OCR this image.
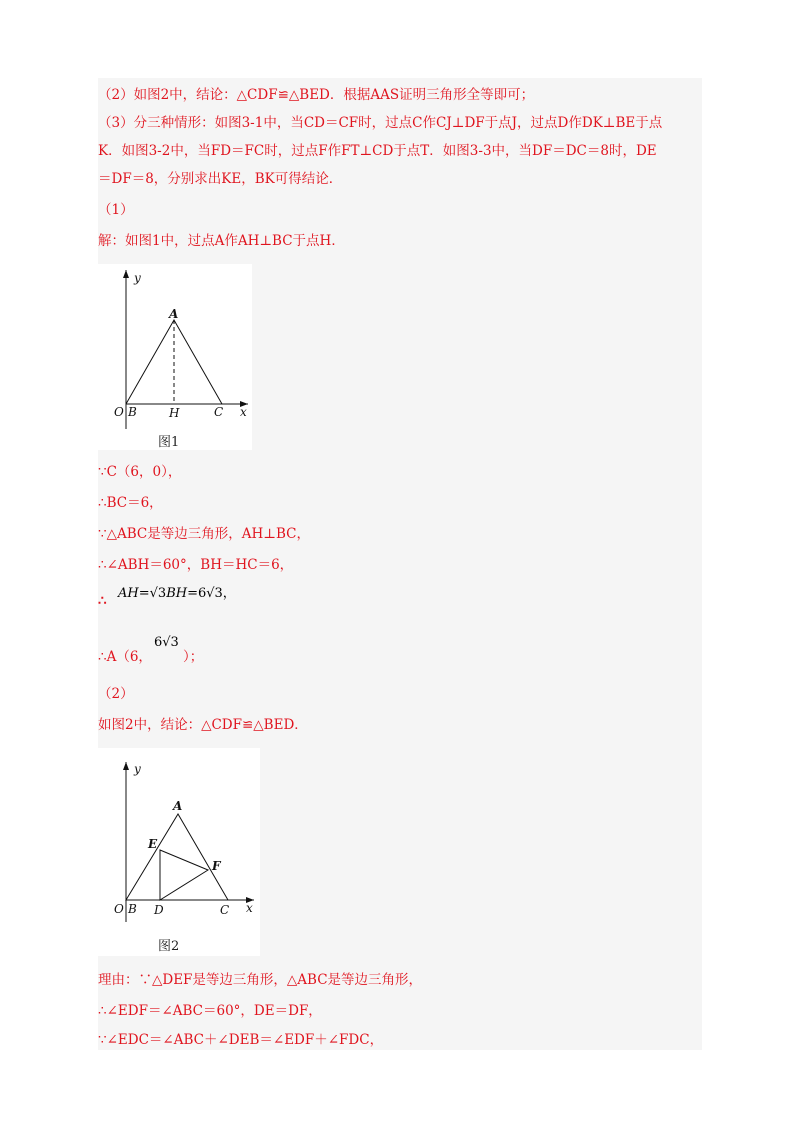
（2）如图2中，结论：△CDF≌△BED．根据AAS证明三角形全等即可；
（3）分三种情形：如图3-1中，当CD＝CF时，过点C作CJ⊥DF于点J，过点D作DK⊥BE于点
K．如图3-2中，当FD＝FC时，过点F作FT⊥CD于点T．如图3-3中，当DF＝DC＝8时，DE
＝DF＝8，分别求出KE，BK可得结论．
（1）
解：如图1中，过点A作AH⊥BC于点H．
y
x
O B	H	C
A
图1
∵C（6，0），
∴BC＝6，
∵△ABC是等边三角形，AH⊥BC，
∴∠ABH＝60°，BH＝HC＝6，
∴ AH=√3BH=6√3，
∴A（6，
6√3
）；
（2）
如图2中，结论：△CDF≌△BED．
y
x
O B D	C
A
E
F
图2
理由：∵△DEF是等边三角形，△ABC是等边三角形，
∴∠EDF＝∠ABC＝60°，DE＝DF，
∵∠EDC＝∠ABC＋∠DEB＝∠EDF＋∠FDC，
